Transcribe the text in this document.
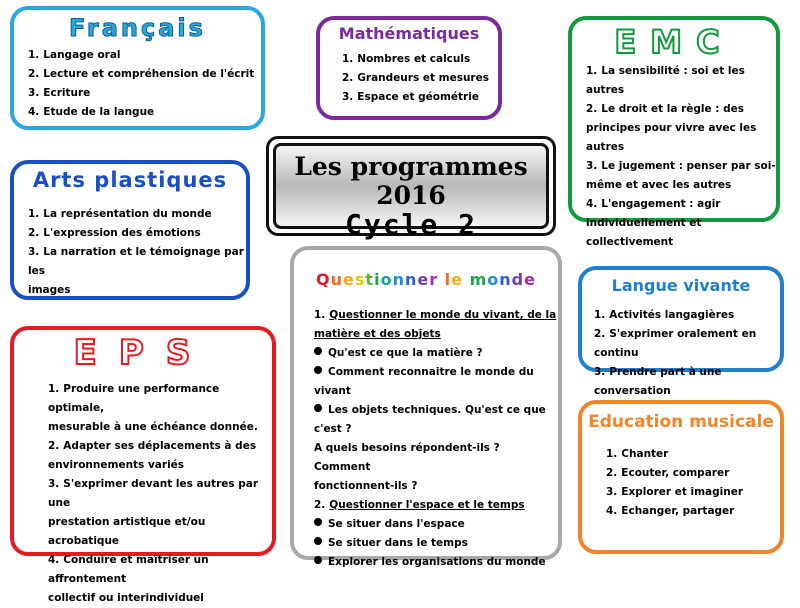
Français
1. Langage oral
2. Lecture et compréhension de l'écrit
3. Ecriture
4. Etude de la langue
Mathématiques
1. Nombres et calculs
2. Grandeurs et mesures
3. Espace et géométrie
EMC
1. La sensibilité : soi et les autres
2. Le droit et la règle : des
principes pour vivre avec les
autres
3. Le jugement : penser par soi-
même et avec les autres
4. L'engagement : agir
individuellement et collectivement
Les programmes 2016
Cycle 2
Arts plastiques
1. La représentation du monde
2. L'expression des émotions
3. La narration et le témoignage par les
images
Questionner le monde
1. Questionner le monde du vivant, de la
matière et des objets
Qu'est ce que la matière ?
Comment reconnaitre le monde du vivant
Les objets techniques. Qu'est ce que c'est ?
A quels besoins répondent-ils ? Comment
fonctionnent-ils ?
2. Questionner l'espace et le temps
Se situer dans l'espace
Se situer dans le temps
Explorer les organisations du monde
Langue vivante
1. Activités langagières
2. S'exprimer oralement en continu
3. Prendre part à une conversation
EPS
1. Produire une performance optimale,
mesurable à une échéance donnée.
2. Adapter ses déplacements à des
environnements variés
3. S'exprimer devant les autres par une
prestation artistique et/ou acrobatique
4. Conduire et maîtriser un affrontement
collectif ou interindividuel
Education musicale
1. Chanter
2. Ecouter, comparer
3. Explorer et imaginer
4. Echanger, partager
